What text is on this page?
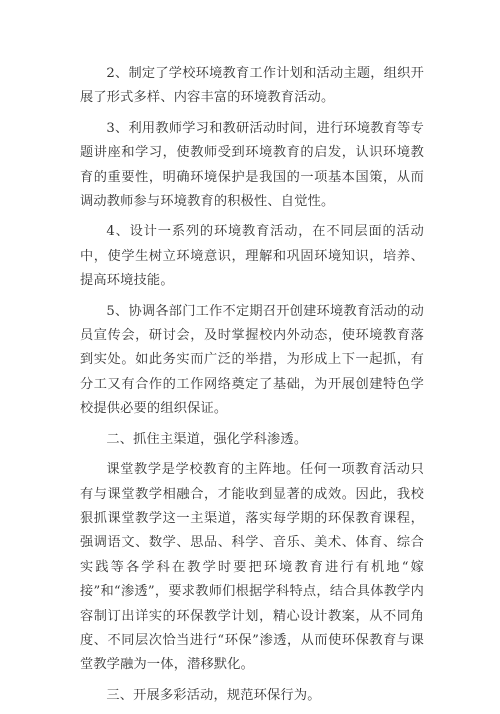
2、制定了学校环境教育工作计划和活动主题，组织开展了形式多样、内容丰富的环境教育活动。

3、利用教师学习和教研活动时间，进行环境教育等专题讲座和学习，使教师受到环境教育的启发，认识环境教育的重要性，明确环境保护是我国的一项基本国策，从而调动教师参与环境教育的积极性、自觉性。

4、设计一系列的环境教育活动，在不同层面的活动中，使学生树立环境意识，理解和巩固环境知识，培养、提高环境技能。

5、协调各部门工作不定期召开创建环境教育活动的动员宣传会，研讨会，及时掌握校内外动态，使环境教育落到实处。如此务实而广泛的举措，为形成上下一起抓，有分工又有合作的工作网络奠定了基础，为开展创建特色学校提供必要的组织保证。

二、抓住主渠道，强化学科渗透。

课堂教学是学校教育的主阵地。任何一项教育活动只有与课堂教学相融合，才能收到显著的成效。因此，我校狠抓课堂教学这一主渠道，落实每学期的环保教育课程，强调语文、数学、思品、科学、音乐、美术、体育、综合实践等各学科在教学时要把环境教育进行有机地“嫁接”和“渗透”，要求教师们根据学科特点，结合具体教学内容制订出详实的环保教学计划，精心设计教案，从不同角度、不同层次恰当进行“环保”渗透，从而使环保教育与课堂教学融为一体，潜移默化。

三、开展多彩活动，规范环保行为。
